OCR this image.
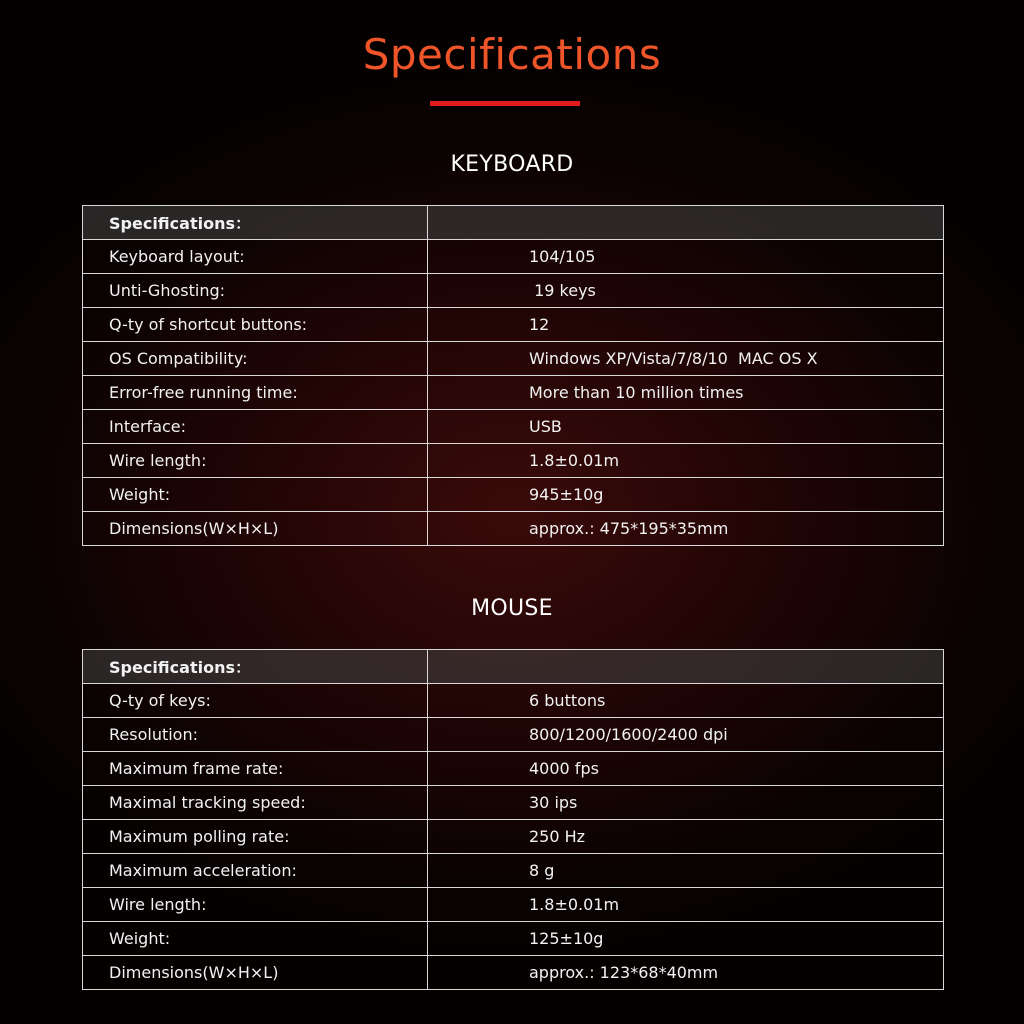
Specifications
KEYBOARD
Specifications：	
Keyboard layout:	104/105
Unti-Ghosting:	19 keys
Q-ty of shortcut buttons:	12
OS Compatibility:	Windows XP/Vista/7/8/10  MAC OS X
Error-free running time:	More than 10 million times
Interface:	USB
Wire length:	1.8±0.01m
Weight:	945±10g
Dimensions(W×H×L)	approx.: 475*195*35mm
MOUSE
Specifications：	
Q-ty of keys:	6 buttons
Resolution:	800/1200/1600/2400 dpi
Maximum frame rate:	4000 fps
Maximal tracking speed:	30 ips
Maximum polling rate:	250 Hz
Maximum acceleration:	8 g
Wire length:	1.8±0.01m
Weight:	125±10g
Dimensions(W×H×L)	approx.: 123*68*40mm
